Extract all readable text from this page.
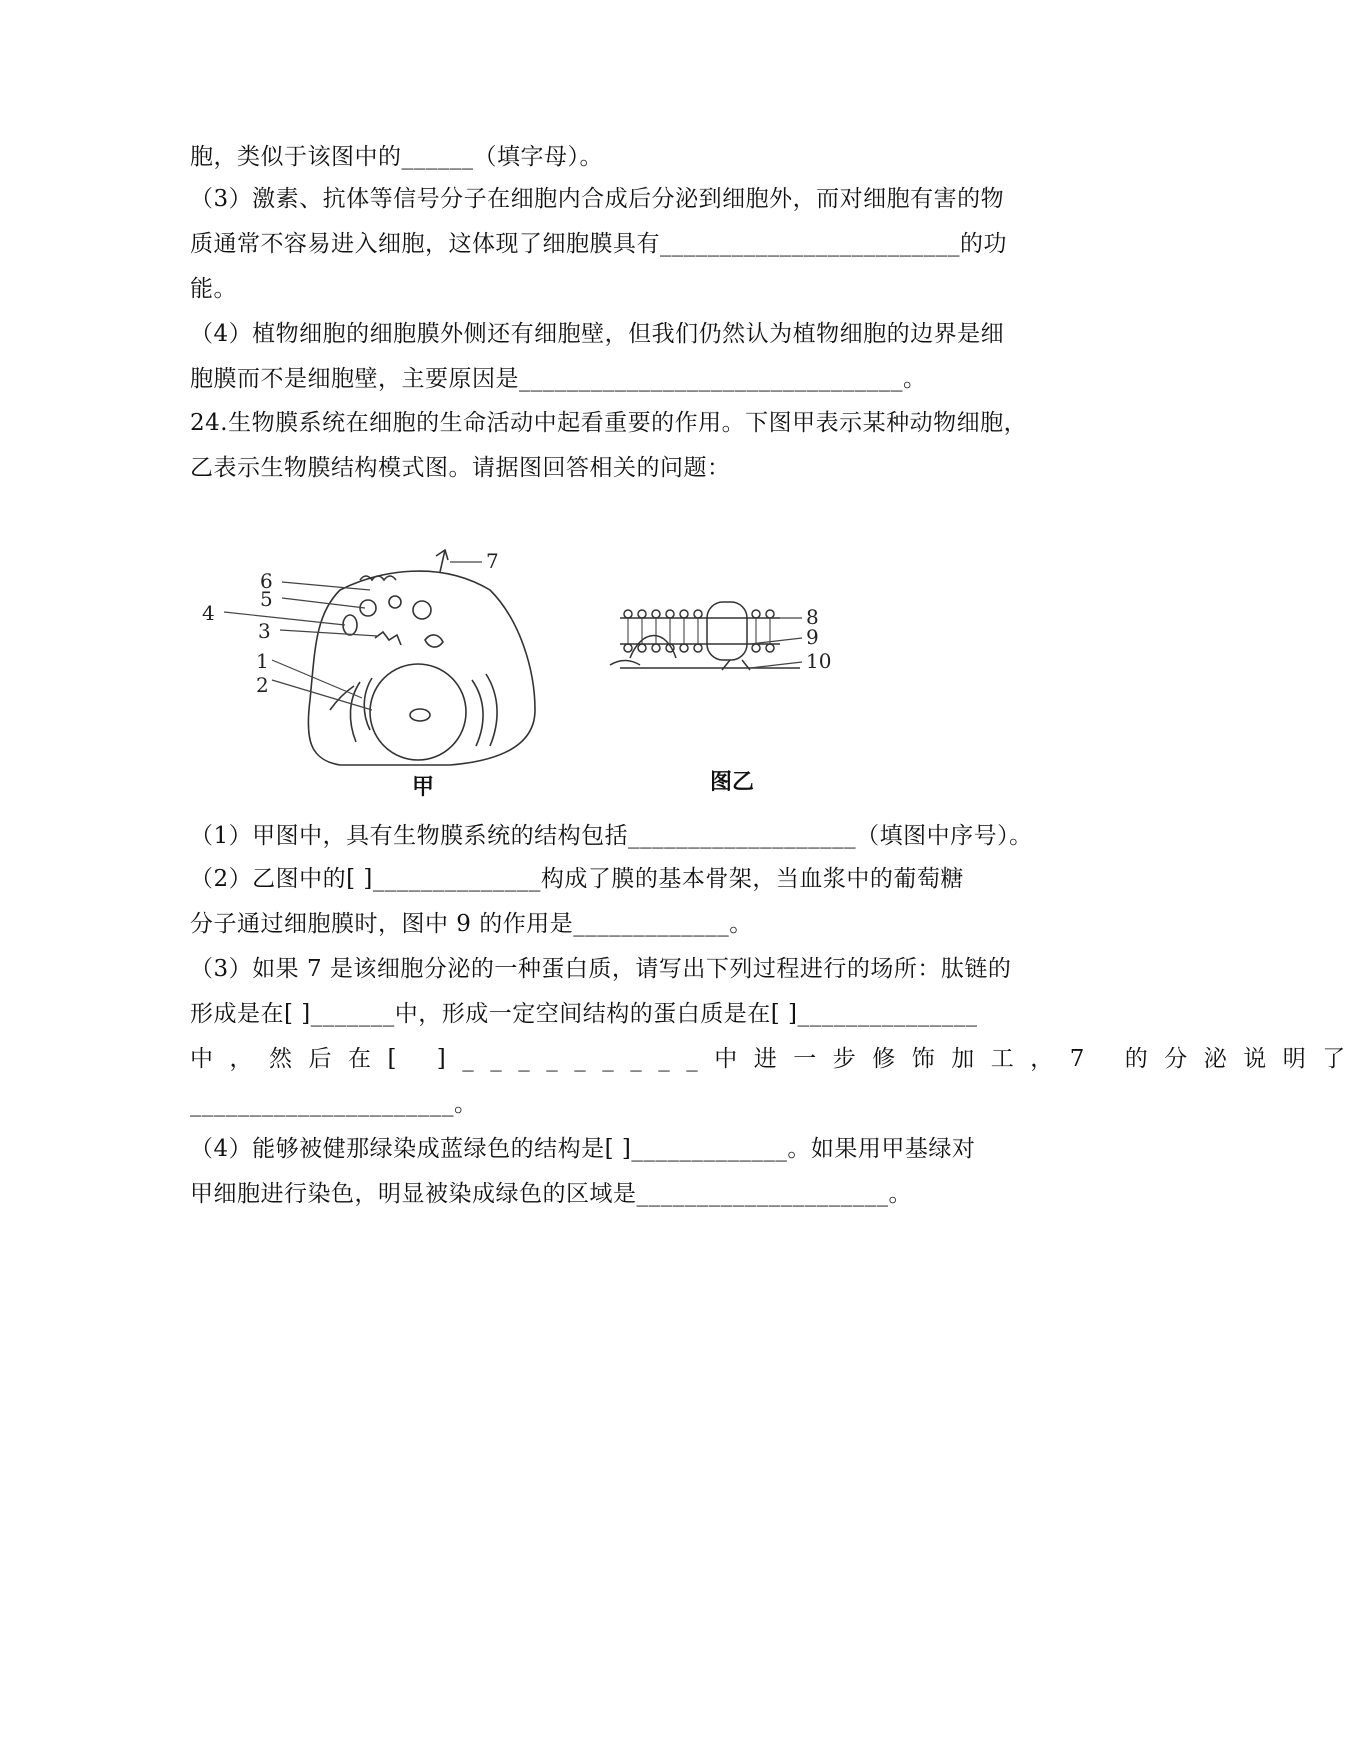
胞，类似于该图中的______（填字母）。
（3）激素、抗体等信号分子在细胞内合成后分泌到细胞外，而对细胞有害的物
质通常不容易进入细胞，这体现了细胞膜具有_________________________的功
能。
（4）植物细胞的细胞膜外侧还有细胞壁，但我们仍然认为植物细胞的边界是细
胞膜而不是细胞壁，主要原因是________________________________。
24.生物膜系统在细胞的生命活动中起看重要的作用。下图甲表示某种动物细胞，
乙表示生物膜结构模式图。请据图回答相关的问题：
1
2
3
4
5
6
7
8
9
10
甲	图乙
（1）甲图中，具有生物膜系统的结构包括___________________（填图中序号）。
（2）乙图中的[ ]______________构成了膜的基本骨架，当血浆中的葡萄糖
分子通过细胞膜时，图中 9 的作用是_____________。
（3）如果 7 是该细胞分泌的一种蛋白质，请写出下列过程进行的场所：肽链的
形成是在[ ]_______中，形成一定空间结构的蛋白质是在[ ]_______________
中，然后在[ ]_________中进一步修饰加工，7 的分泌说明了
______________________。
（4）能够被健那绿染成蓝绿色的结构是[ ]_____________。如果用甲基绿对
甲细胞进行染色，明显被染成绿色的区域是_____________________。
